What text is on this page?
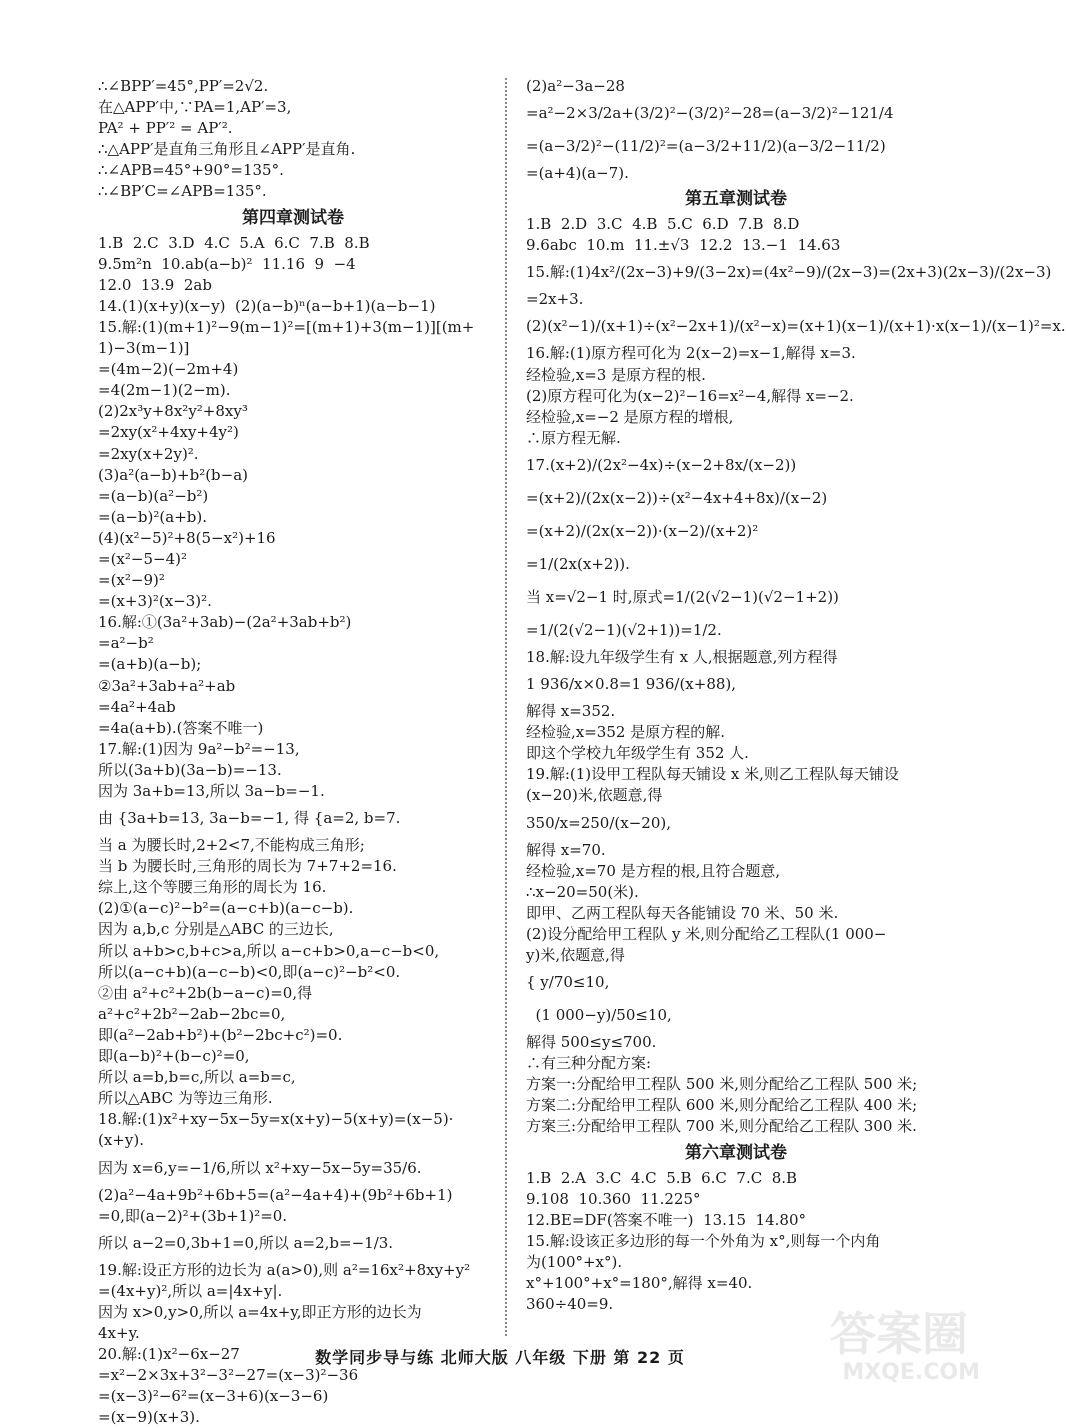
∴∠BPP′=45°,PP′=2√2.
在△APP′中,∵PA=1,AP′=3,
PA² + PP′² = AP′².
∴△APP′是直角三角形且∠APP′是直角.
∴∠APB=45°+90°=135°.
∴∠BP′C=∠APB=135°.
第四章测试卷
1.B  2.C  3.D  4.C  5.A  6.C  7.B  8.B
9.5m²n  10.ab(a−b)²  11.16  9  −4
12.0  13.9  2ab
14.(1)(x+y)(x−y)  (2)(a−b)ⁿ(a−b+1)(a−b−1)
15.解:(1)(m+1)²−9(m−1)²=[(m+1)+3(m−1)][(m+
1)−3(m−1)]
=(4m−2)(−2m+4)
=4(2m−1)(2−m).
(2)2x³y+8x²y²+8xy³
=2xy(x²+4xy+4y²)
=2xy(x+2y)².
(3)a²(a−b)+b²(b−a)
=(a−b)(a²−b²)
=(a−b)²(a+b).
(4)(x²−5)²+8(5−x²)+16
=(x²−5−4)²
=(x²−9)²
=(x+3)²(x−3)².
16.解:①(3a²+3ab)−(2a²+3ab+b²)
=a²−b²
=(a+b)(a−b);
②3a²+3ab+a²+ab
=4a²+4ab
=4a(a+b).(答案不唯一)
17.解:(1)因为 9a²−b²=−13,
所以(3a+b)(3a−b)=−13.
因为 3a+b=13,所以 3a−b=−1.
由 {3a+b=13, 3a−b=−1, 得 {a=2, b=7.
当 a 为腰长时,2+2<7,不能构成三角形;
当 b 为腰长时,三角形的周长为 7+7+2=16.
综上,这个等腰三角形的周长为 16.
(2)①(a−c)²−b²=(a−c+b)(a−c−b).
因为 a,b,c 分别是△ABC 的三边长,
所以 a+b>c,b+c>a,所以 a−c+b>0,a−c−b<0,
所以(a−c+b)(a−c−b)<0,即(a−c)²−b²<0.
②由 a²+c²+2b(b−a−c)=0,得
a²+c²+2b²−2ab−2bc=0,
即(a²−2ab+b²)+(b²−2bc+c²)=0.
即(a−b)²+(b−c)²=0,
所以 a=b,b=c,所以 a=b=c,
所以△ABC 为等边三角形.
18.解:(1)x²+xy−5x−5y=x(x+y)−5(x+y)=(x−5)·
(x+y).
因为 x=6,y=−1/6,所以 x²+xy−5x−5y=35/6.
(2)a²−4a+9b²+6b+5=(a²−4a+4)+(9b²+6b+1)
=0,即(a−2)²+(3b+1)²=0.
所以 a−2=0,3b+1=0,所以 a=2,b=−1/3.
19.解:设正方形的边长为 a(a>0),则 a²=16x²+8xy+y²
=(4x+y)²,所以 a=|4x+y|.
因为 x>0,y>0,所以 a=4x+y,即正方形的边长为
4x+y.
20.解:(1)x²−6x−27
=x²−2×3x+3²−3²−27=(x−3)²−36
=(x−3)²−6²=(x−3+6)(x−3−6)
=(x−9)(x+3).
(2)a²−3a−28
=a²−2×3/2a+(3/2)²−(3/2)²−28=(a−3/2)²−121/4
=(a−3/2)²−(11/2)²=(a−3/2+11/2)(a−3/2−11/2)
=(a+4)(a−7).
第五章测试卷
1.B  2.D  3.C  4.B  5.C  6.D  7.B  8.D
9.6abc  10.m  11.±√3  12.2  13.−1  14.63
15.解:(1)4x²/(2x−3)+9/(3−2x)=(4x²−9)/(2x−3)=(2x+3)(2x−3)/(2x−3)
=2x+3.
(2)(x²−1)/(x+1)÷(x²−2x+1)/(x²−x)=(x+1)(x−1)/(x+1)·x(x−1)/(x−1)²=x.
16.解:(1)原方程可化为 2(x−2)=x−1,解得 x=3.
经检验,x=3 是原方程的根.
(2)原方程可化为(x−2)²−16=x²−4,解得 x=−2.
经检验,x=−2 是原方程的增根,
∴原方程无解.
17.(x+2)/(2x²−4x)÷(x−2+8x/(x−2))
=(x+2)/(2x(x−2))÷(x²−4x+4+8x)/(x−2)
=(x+2)/(2x(x−2))·(x−2)/(x+2)²
=1/(2x(x+2)).
当 x=√2−1 时,原式=1/(2(√2−1)(√2−1+2))
=1/(2(√2−1)(√2+1))=1/2.
18.解:设九年级学生有 x 人,根据题意,列方程得
1 936/x×0.8=1 936/(x+88),
解得 x=352.
经检验,x=352 是原方程的解.
即这个学校九年级学生有 352 人.
19.解:(1)设甲工程队每天铺设 x 米,则乙工程队每天铺设
(x−20)米,依题意,得
350/x=250/(x−20),
解得 x=70.
经检验,x=70 是方程的根,且符合题意,
∴x−20=50(米).
即甲、乙两工程队每天各能铺设 70 米、50 米.
(2)设分配给甲工程队 y 米,则分配给乙工程队(1 000−
y)米,依题意,得
{ y/70≤10,
(1 000−y)/50≤10,
解得 500≤y≤700.
∴有三种分配方案:
方案一:分配给甲工程队 500 米,则分配给乙工程队 500 米;
方案二:分配给甲工程队 600 米,则分配给乙工程队 400 米;
方案三:分配给甲工程队 700 米,则分配给乙工程队 300 米.
第六章测试卷
1.B  2.A  3.C  4.C  5.B  6.C  7.C  8.B
9.108  10.360  11.225°
12.BE=DF(答案不唯一)  13.15  14.80°
15.解:设该正多边形的每一个外角为 x°,则每一个内角
为(100°+x°).
x°+100°+x°=180°,解得 x=40.
360÷40=9.
数学同步导与练 北师大版 八年级 下册 第 22 页	答案圈
MXQE.COM
